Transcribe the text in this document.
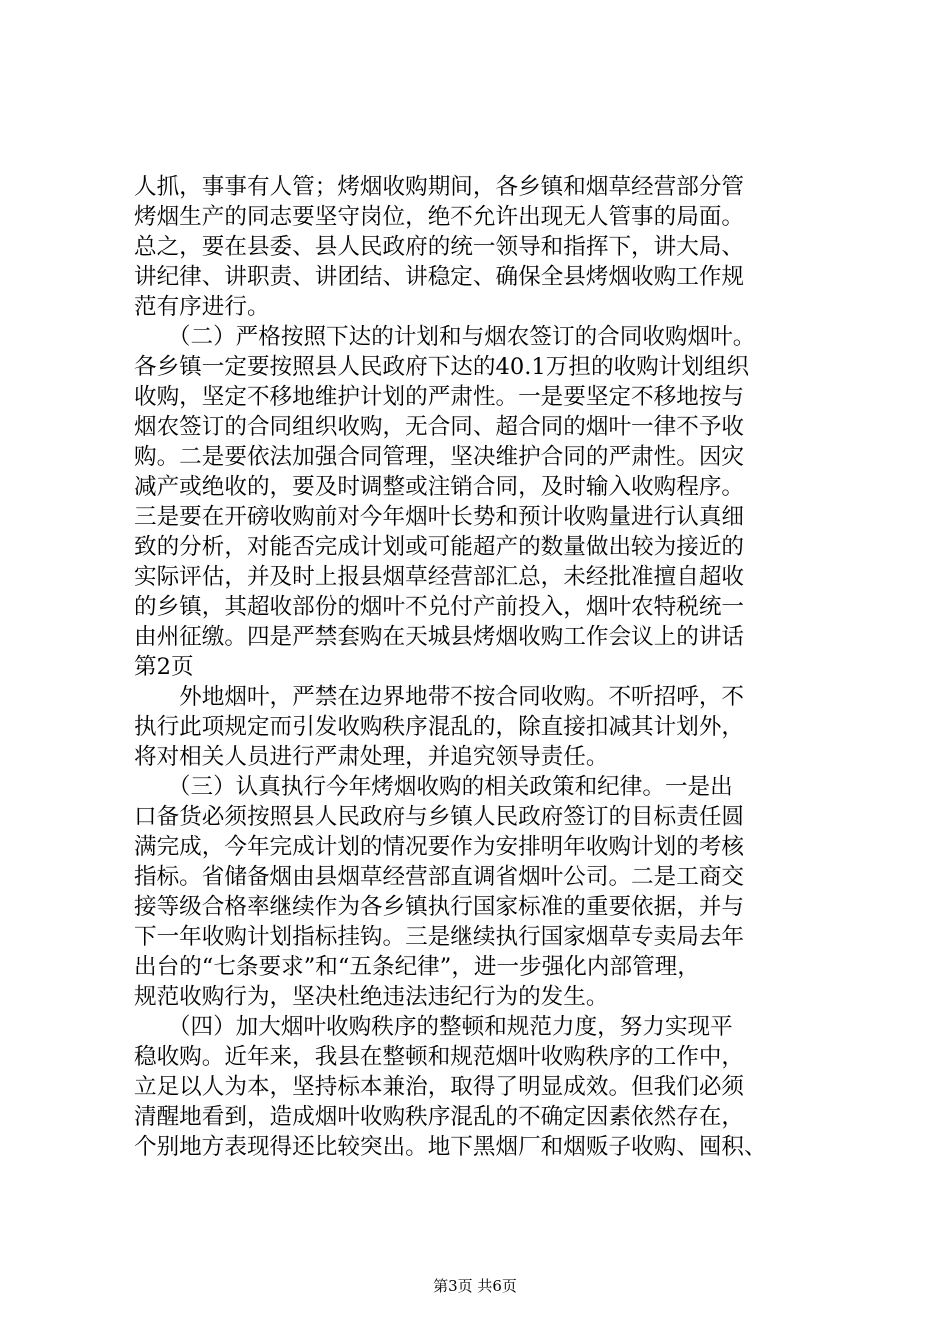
人抓，事事有人管；烤烟收购期间，各乡镇和烟草经营部分管
烤烟生产的同志要坚守岗位，绝不允许出现无人管事的局面。
总之，要在县委、县人民政府的统一领导和指挥下，讲大局、
讲纪律、讲职责、讲团结、讲稳定、确保全县烤烟收购工作规
范有序进行。
　　（二）严格按照下达的计划和与烟农签订的合同收购烟叶。
各乡镇一定要按照县人民政府下达的40.1万担的收购计划组织
收购，坚定不移地维护计划的严肃性。一是要坚定不移地按与
烟农签订的合同组织收购，无合同、超合同的烟叶一律不予收
购。二是要依法加强合同管理，坚决维护合同的严肃性。因灾
减产或绝收的，要及时调整或注销合同，及时输入收购程序。
三是要在开磅收购前对今年烟叶长势和预计收购量进行认真细
致的分析，对能否完成计划或可能超产的数量做出较为接近的
实际评估，并及时上报县烟草经营部汇总，未经批准擅自超收
的乡镇，其超收部份的烟叶不兑付产前投入，烟叶农特税统一
由州征缴。四是严禁套购在天城县烤烟收购工作会议上的讲话
第2页
　　外地烟叶，严禁在边界地带不按合同收购。不听招呼，不
执行此项规定而引发收购秩序混乱的，除直接扣减其计划外，
将对相关人员进行严肃处理，并追究领导责任。
　　（三）认真执行今年烤烟收购的相关政策和纪律。一是出
口备货必须按照县人民政府与乡镇人民政府签订的目标责任圆
满完成，今年完成计划的情况要作为安排明年收购计划的考核
指标。省储备烟由县烟草经营部直调省烟叶公司。二是工商交
接等级合格率继续作为各乡镇执行国家标准的重要依据，并与
下一年收购计划指标挂钩。三是继续执行国家烟草专卖局去年
出台的“七条要求”和“五条纪律”，进一步强化内部管理，
规范收购行为，坚决杜绝违法违纪行为的发生。
　　（四）加大烟叶收购秩序的整顿和规范力度，努力实现平
稳收购。近年来，我县在整顿和规范烟叶收购秩序的工作中，
立足以人为本，坚持标本兼治，取得了明显成效。但我们必须
清醒地看到，造成烟叶收购秩序混乱的不确定因素依然存在，
个别地方表现得还比较突出。地下黑烟厂和烟贩子收购、囤积、
第3页 共6页
